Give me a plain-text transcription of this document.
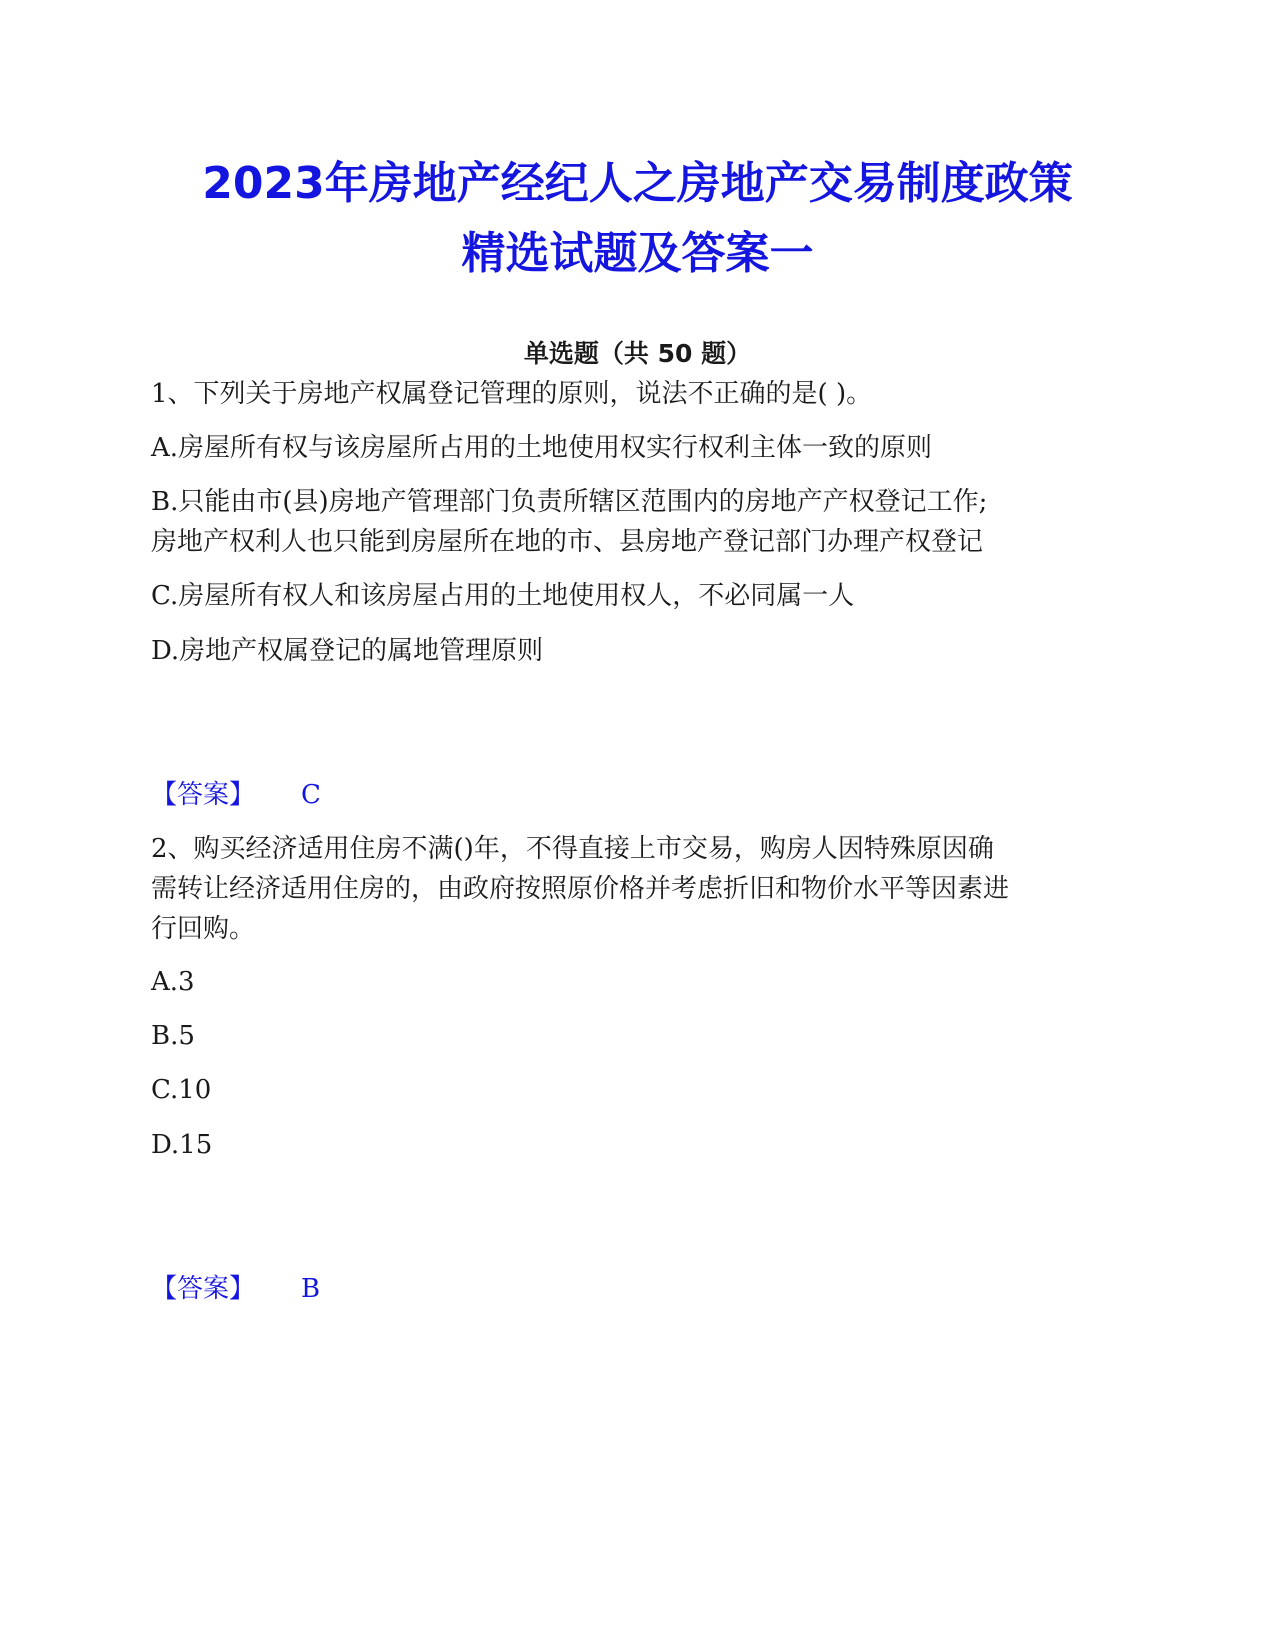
2023年房地产经纪人之房地产交易制度政策
精选试题及答案一
单选题（共 50 题）
1、下列关于房地产权属登记管理的原则，说法不正确的是( )。
A.房屋所有权与该房屋所占用的土地使用权实行权利主体一致的原则
B.只能由市(县)房地产管理部门负责所辖区范围内的房地产产权登记工作;
房地产权利人也只能到房屋所在地的市、县房地产登记部门办理产权登记
C.房屋所有权人和该房屋占用的土地使用权人，不必同属一人
D.房地产权属登记的属地管理原则
【答案】 C
2、购买经济适用住房不满()年，不得直接上市交易，购房人因特殊原因确
需转让经济适用住房的，由政府按照原价格并考虑折旧和物价水平等因素进
行回购。
A.3
B.5
C.10
D.15
【答案】 B
